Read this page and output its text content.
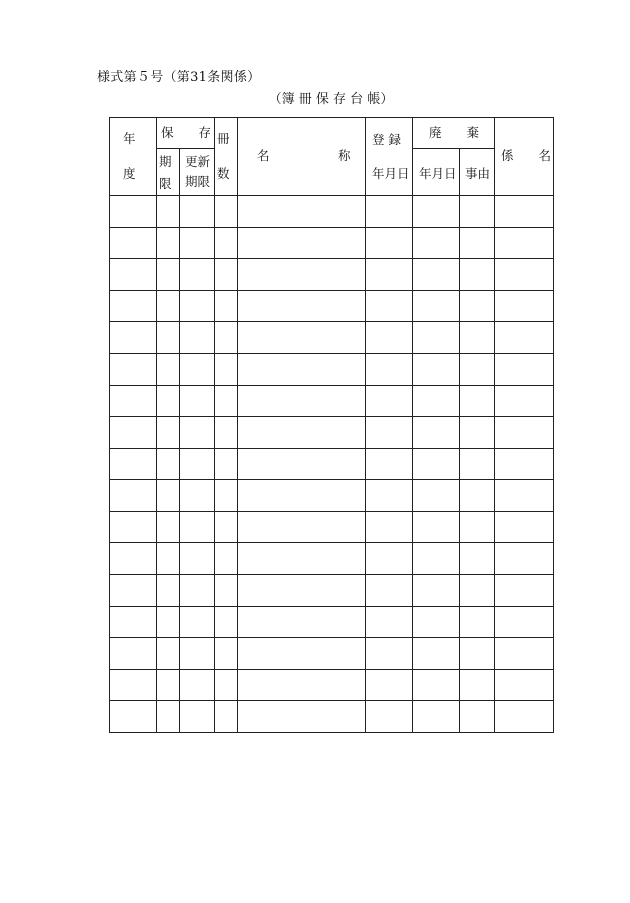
様式第５号（第31条関係）
（簿 冊 保 存 台 帳）
年
度
保　　存
期
限
更新
期限
冊
数
名	称
登 録
年月日
廃　　棄
年月日 事由
係　　名
